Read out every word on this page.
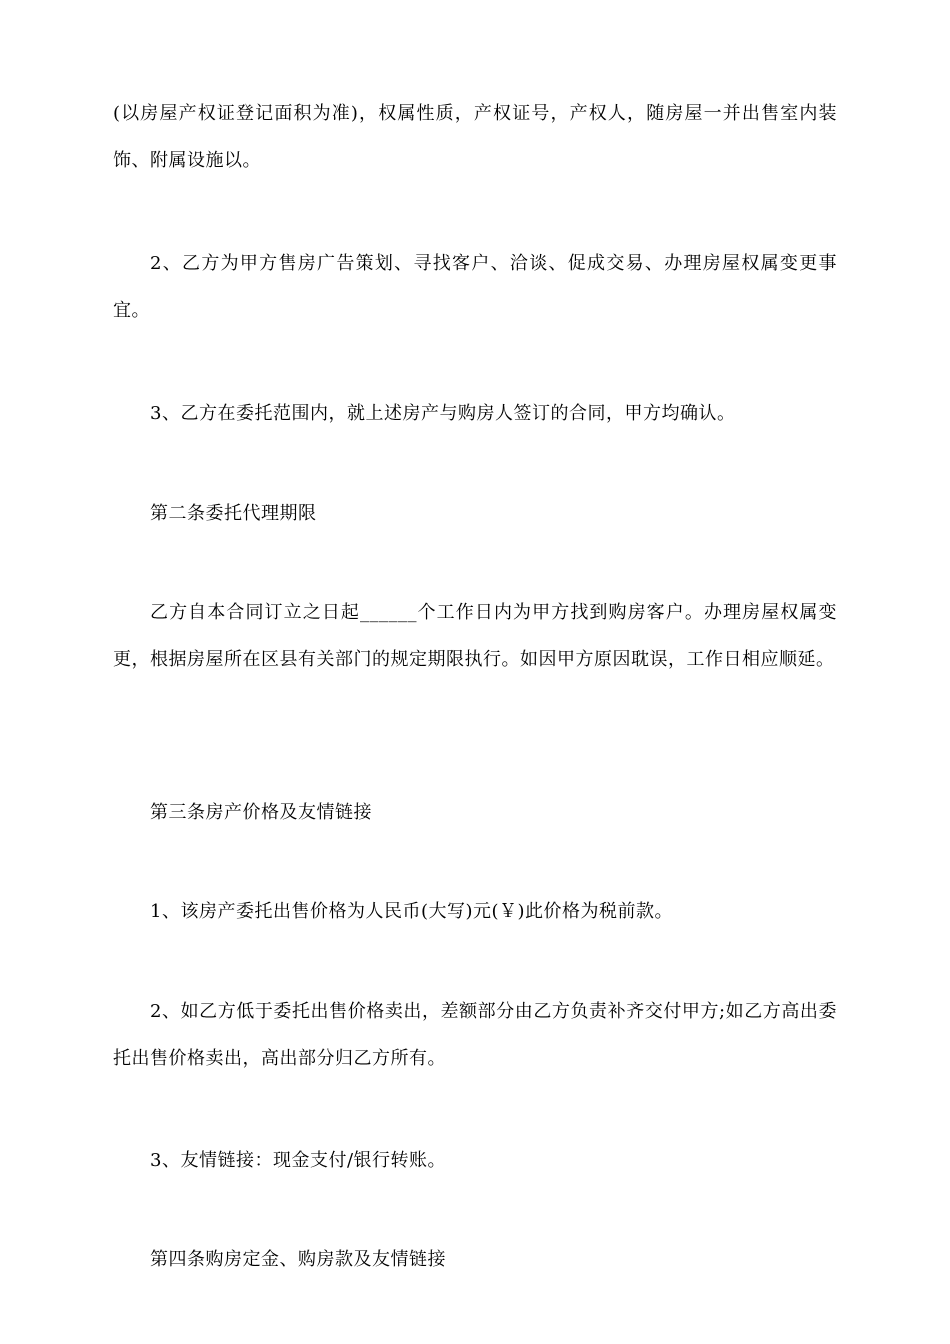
(以房屋产权证登记面积为准)，权属性质，产权证号，产权人，随房屋一并出售室内装饰、附属设施以。

2、乙方为甲方售房广告策划、寻找客户、洽谈、促成交易、办理房屋权属变更事宜。

3、乙方在委托范围内，就上述房产与购房人签订的合同，甲方均确认。

第二条委托代理期限

乙方自本合同订立之日起______个工作日内为甲方找到购房客户。办理房屋权属变更，根据房屋所在区县有关部门的规定期限执行。如因甲方原因耽误，工作日相应顺延。

第三条房产价格及友情链接

1、该房产委托出售价格为人民币(大写)元(￥)此价格为税前款。

2、如乙方低于委托出售价格卖出，差额部分由乙方负责补齐交付甲方;如乙方高出委托出售价格卖出，高出部分归乙方所有。

3、友情链接：现金支付/银行转账。

第四条购房定金、购房款及友情链接
